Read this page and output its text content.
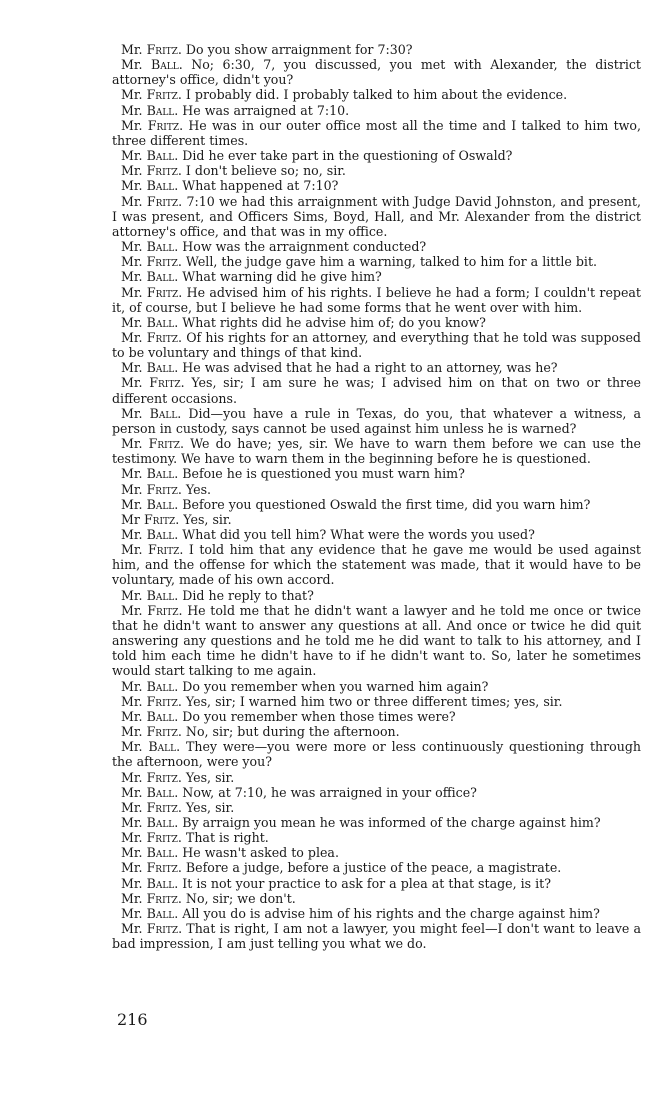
Mr. Fritz. Do you show arraignment for 7:30?

Mr. Ball. No; 6:30, 7, you discussed, you met with Alexander, the district attorney's office, didn't you?

Mr. Fritz. I probably did. I probably talked to him about the evidence.

Mr. Ball. He was arraigned at 7:10.

Mr. Fritz. He was in our outer office most all the time and I talked to him two, three different times.

Mr. Ball. Did he ever take part in the questioning of Oswald?

Mr. Fritz. I don't believe so; no, sir.

Mr. Ball. What happened at 7:10?

Mr. Fritz. 7:10 we had this arraignment with Judge David Johnston, and present, I was present, and Officers Sims, Boyd, Hall, and Mr. Alexander from the district attorney's office, and that was in my office.

Mr. Ball. How was the arraignment conducted?

Mr. Fritz. Well, the judge gave him a warning, talked to him for a little bit.

Mr. Ball. What warning did he give him?

Mr. Fritz. He advised him of his rights. I believe he had a form; I couldn't repeat it, of course, but I believe he had some forms that he went over with him.

Mr. Ball. What rights did he advise him of; do you know?

Mr. Fritz. Of his rights for an attorney, and everything that he told was supposed to be voluntary and things of that kind.

Mr. Ball. He was advised that he had a right to an attorney, was he?

Mr. Fritz. Yes, sir; I am sure he was; I advised him on that on two or three different occasions.

Mr. Ball. Did—you have a rule in Texas, do you, that whatever a witness, a person in custody, says cannot be used against him unless he is warned?

Mr. Fritz. We do have; yes, sir. We have to warn them before we can use the testimony. We have to warn them in the beginning before he is questioned.

Mr. Ball. Befoıe he is questioned you must warn him?

Mr. Fritz. Yes.

Mr. Ball. Before you questioned Oswald the first time, did you warn him?

Mr Fritz. Yes, sir.

Mr. Ball. What did you tell him? What were the words you used?

Mr. Fritz. I told him that any evidence that he gave me would be used against him, and the offense for which the statement was made, that it would have to be voluntary, made of his own accord.

Mr. Ball. Did he reply to that?

Mr. Fritz. He told me that he didn't want a lawyer and he told me once or twice that he didn't want to answer any questions at all. And once or twice he did quit answering any questions and he told me he did want to talk to his attorney, and I told him each time he didn't have to if he didn't want to. So, later he sometimes would start talking to me again.

Mr. Ball. Do you remember when you warned him again?

Mr. Fritz. Yes, sir; I warned him two or three different times; yes, sir.

Mr. Ball. Do you remember when those times were?

Mr. Fritz. No, sir; but during the afternoon.

Mr. Ball. They were—you were more or less continuously questioning through the afternoon, were you?

Mr. Fritz. Yes, sir.

Mr. Ball. Now, at 7:10, he was arraigned in your office?

Mr. Fritz. Yes, sir.

Mr. Ball. By arraign you mean he was informed of the charge against him?

Mr. Fritz. That is right.

Mr. Ball. He wasn't asked to plea.

Mr. Fritz. Before a judge, before a justice of the peace, a magistrate.

Mr. Ball. It is not your practice to ask for a plea at that stage, is it?

Mr. Fritz. No, sir; we don't.

Mr. Ball. All you do is advise him of his rights and the charge against him?

Mr. Fritz. That is right, I am not a lawyer, you might feel—I don't want to leave a bad impression, I am just telling you what we do.

216
